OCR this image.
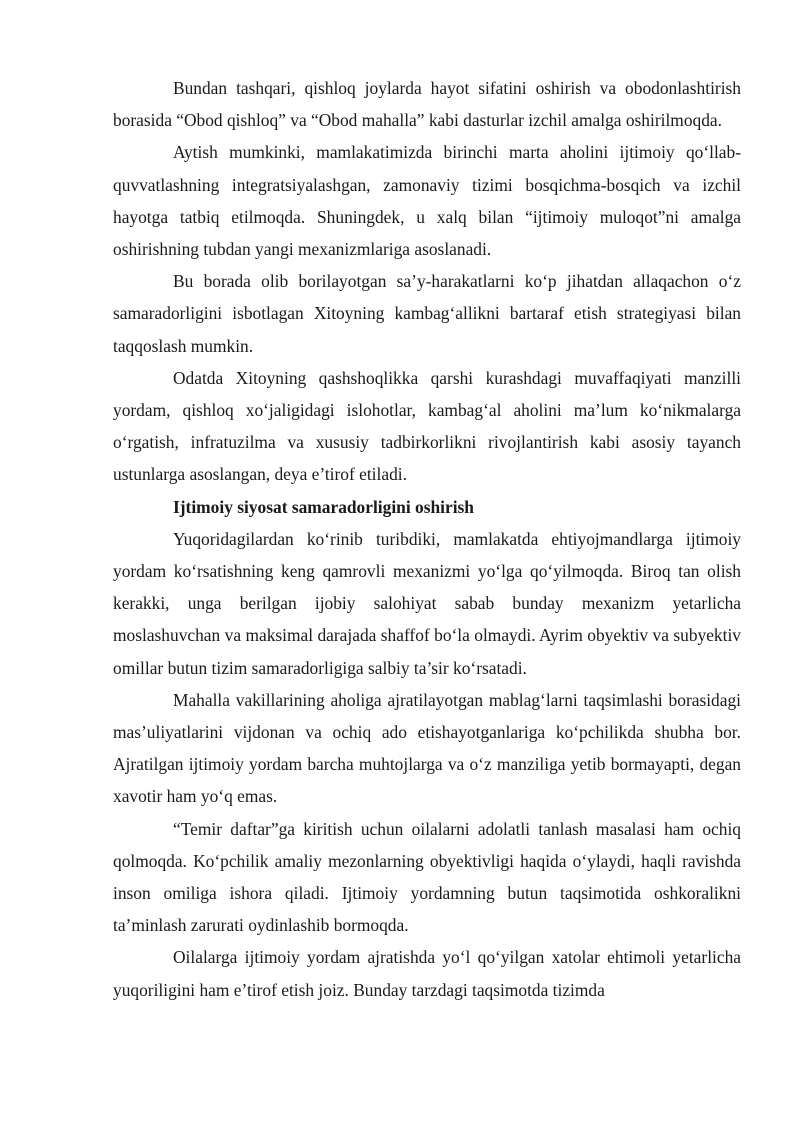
Bundan tashqari, qishloq joylarda hayot sifatini oshirish va obodonlashtirish borasida “Obod qishloq” va “Obod mahalla” kabi dasturlar izchil amalga oshirilmoqda.

Aytish mumkinki, mamlakatimizda birinchi marta aholini ijtimoiy qo‘llab-quvvatlashning integratsiyalashgan, zamonaviy tizimi bosqichma-bosqich va izchil hayotga tatbiq etilmoqda. Shuningdek, u xalq bilan “ijtimoiy muloqot”ni amalga oshirishning tubdan yangi mexanizmlariga asoslanadi.

Bu borada olib borilayotgan sa’y-harakatlarni ko‘p jihatdan allaqachon o‘z samaradorligini isbotlagan Xitoyning kambag‘allikni bartaraf etish strategiyasi bilan taqqoslash mumkin.

Odatda Xitoyning qashshoqlikka qarshi kurashdagi muvaffaqiyati manzilli yordam, qishloq xo‘jaligidagi islohotlar, kambag‘al aholini ma’lum ko‘nikmalarga o‘rgatish, infratuzilma va xususiy tadbirkorlikni rivojlantirish kabi asosiy tayanch ustunlarga asoslangan, deya e’tirof etiladi.

Ijtimoiy siyosat samaradorligini oshirish

Yuqoridagilardan ko‘rinib turibdiki, mamlakatda ehtiyojmandlarga ijtimoiy yordam ko‘rsatishning keng qamrovli mexanizmi yo‘lga qo‘yilmoqda. Biroq tan olish kerakki, unga berilgan ijobiy salohiyat sabab bunday mexanizm yetarlicha moslashuvchan va maksimal darajada shaffof bo‘la olmaydi. Ayrim obyektiv va subyektiv omillar butun tizim samaradorligiga salbiy ta’sir ko‘rsatadi.

Mahalla vakillarining aholiga ajratilayotgan mablag‘larni taqsimlashi borasidagi mas’uliyatlarini vijdonan va ochiq ado etishayotganlariga ko‘pchilikda shubha bor. Ajratilgan ijtimoiy yordam barcha muhtojlarga va o‘z manziliga yetib bormayapti, degan xavotir ham yo‘q emas.

“Temir daftar”ga kiritish uchun oilalarni adolatli tanlash masalasi ham ochiq qolmoqda. Ko‘pchilik amaliy mezonlarning obyektivligi haqida o‘ylaydi, haqli ravishda inson omiliga ishora qiladi. Ijtimoiy yordamning butun taqsimotida oshkoralikni ta’minlash zarurati oydinlashib bormoqda.

Oilalarga ijtimoiy yordam ajratishda yo‘l qo‘yilgan xatolar ehtimoli yetarlicha yuqoriligini ham e’tirof etish joiz. Bunday tarzdagi taqsimotda tizimda
